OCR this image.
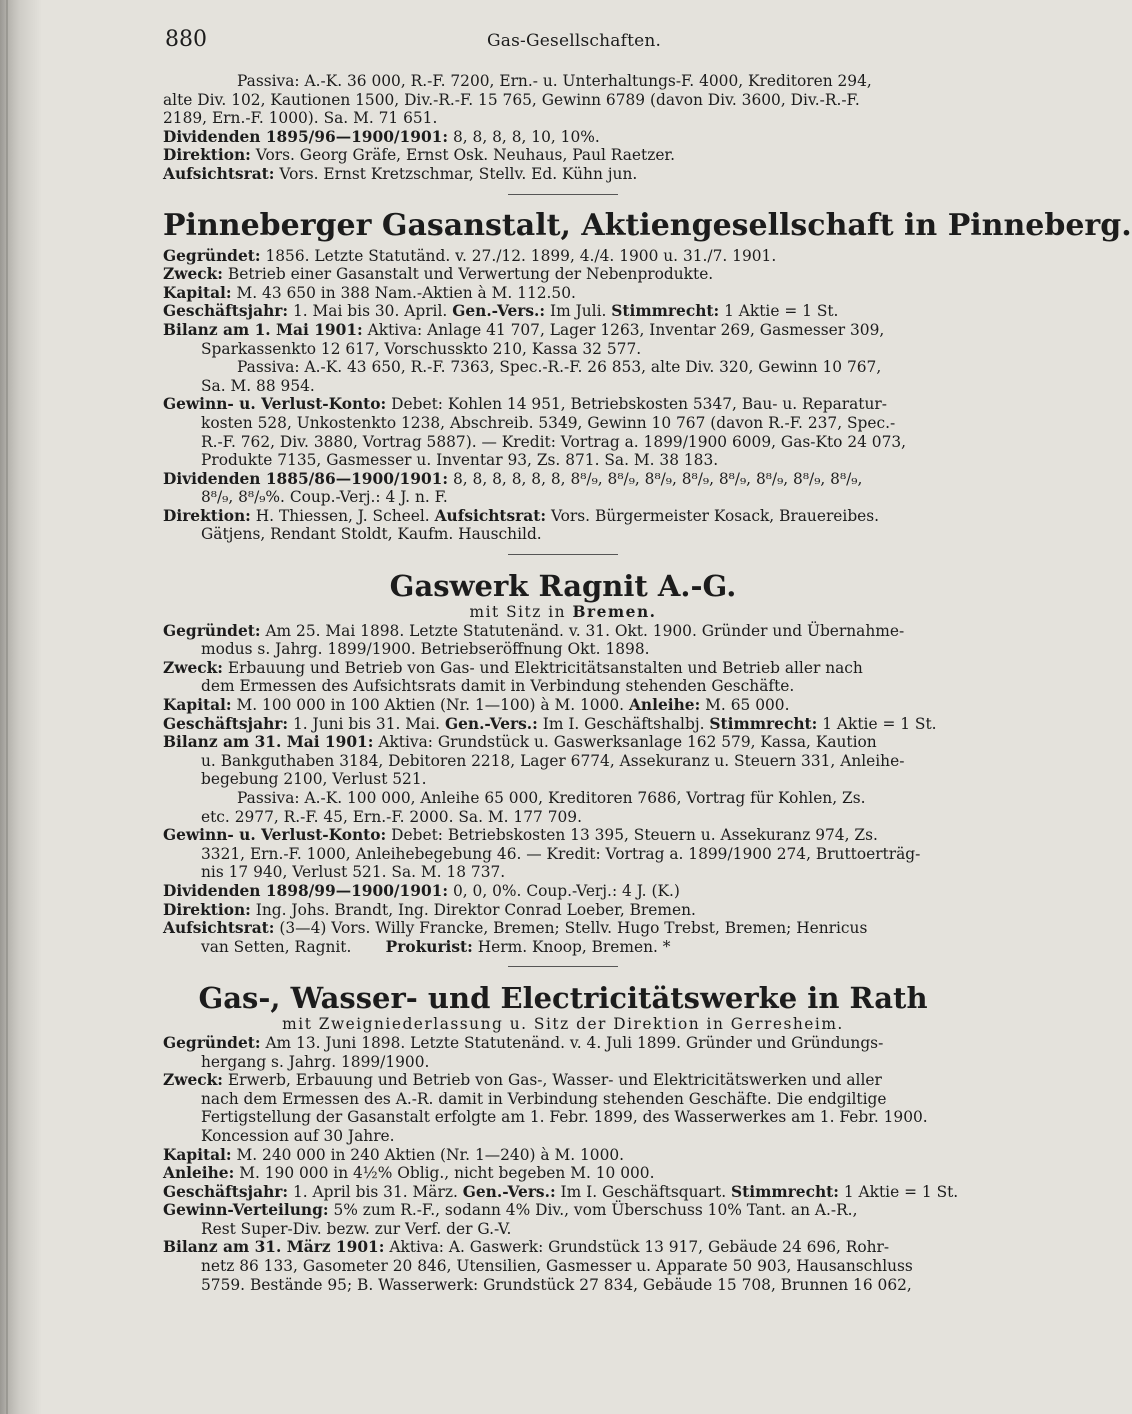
880	Gas-Gesellschaften.

Passiva: A.-K. 36 000, R.-F. 7200, Ern.- u. Unterhaltungs-F. 4000, Kreditoren 294,

alte Div. 102, Kautionen 1500, Div.-R.-F. 15 765, Gewinn 6789 (davon Div. 3600, Div.-R.-F.

2189, Ern.-F. 1000). Sa. M. 71 651.

Dividenden 1895/96—1900/1901: 8, 8, 8, 8, 10, 10%.

Direktion: Vors. Georg Gräfe, Ernst Osk. Neuhaus, Paul Raetzer.

Aufsichtsrat: Vors. Ernst Kretzschmar, Stellv. Ed. Kühn jun.

Pinneberger Gasanstalt, Aktiengesellschaft in Pinneberg.

Gegründet: 1856. Letzte Statutänd. v. 27./12. 1899, 4./4. 1900 u. 31./7. 1901.

Zweck: Betrieb einer Gasanstalt und Verwertung der Nebenprodukte.

Kapital: M. 43 650 in 388 Nam.-Aktien à M. 112.50.

Geschäftsjahr: 1. Mai bis 30. April. Gen.-Vers.: Im Juli. Stimmrecht: 1 Aktie = 1 St.

Bilanz am 1. Mai 1901: Aktiva: Anlage 41 707, Lager 1263, Inventar 269, Gasmesser 309,

Sparkassenkto 12 617, Vorschusskto 210, Kassa 32 577.

Passiva: A.-K. 43 650, R.-F. 7363, Spec.-R.-F. 26 853, alte Div. 320, Gewinn 10 767,

Sa. M. 88 954.

Gewinn- u. Verlust-Konto: Debet: Kohlen 14 951, Betriebskosten 5347, Bau- u. Reparatur-

kosten 528, Unkostenkto 1238, Abschreib. 5349, Gewinn 10 767 (davon R.-F. 237, Spec.-

R.-F. 762, Div. 3880, Vortrag 5887). — Kredit: Vortrag a. 1899/1900 6009, Gas-Kto 24 073,

Produkte 7135, Gasmesser u. Inventar 93, Zs. 871. Sa. M. 38 183.

Dividenden 1885/86—1900/1901: 8, 8, 8, 8, 8, 8, 8⁸/₉, 8⁸/₉, 8⁸/₉, 8⁸/₉, 8⁸/₉, 8⁸/₉, 8⁸/₉, 8⁸/₉,

8⁸/₉, 8⁸/₉%. Coup.-Verj.: 4 J. n. F.

Direktion: H. Thiessen, J. Scheel. Aufsichtsrat: Vors. Bürgermeister Kosack, Brauereibes.

Gätjens, Rendant Stoldt, Kaufm. Hauschild.

Gaswerk Ragnit A.-G.

mit Sitz in Bremen.

Gegründet: Am 25. Mai 1898. Letzte Statutenänd. v. 31. Okt. 1900. Gründer und Übernahme-

modus s. Jahrg. 1899/1900. Betriebseröffnung Okt. 1898.

Zweck: Erbauung und Betrieb von Gas- und Elektricitätsanstalten und Betrieb aller nach

dem Ermessen des Aufsichtsrats damit in Verbindung stehenden Geschäfte.

Kapital: M. 100 000 in 100 Aktien (Nr. 1—100) à M. 1000. Anleihe: M. 65 000.

Geschäftsjahr: 1. Juni bis 31. Mai. Gen.-Vers.: Im I. Geschäftshalbj. Stimmrecht: 1 Aktie = 1 St.

Bilanz am 31. Mai 1901: Aktiva: Grundstück u. Gaswerksanlage 162 579, Kassa, Kaution

u. Bankguthaben 3184, Debitoren 2218, Lager 6774, Assekuranz u. Steuern 331, Anleihe-

begebung 2100, Verlust 521.

Passiva: A.-K. 100 000, Anleihe 65 000, Kreditoren 7686, Vortrag für Kohlen, Zs.

etc. 2977, R.-F. 45, Ern.-F. 2000. Sa. M. 177 709.

Gewinn- u. Verlust-Konto: Debet: Betriebskosten 13 395, Steuern u. Assekuranz 974, Zs.

3321, Ern.-F. 1000, Anleihebegebung 46. — Kredit: Vortrag a. 1899/1900 274, Bruttoerträg-

nis 17 940, Verlust 521. Sa. M. 18 737.

Dividenden 1898/99—1900/1901: 0, 0, 0%. Coup.-Verj.: 4 J. (K.)

Direktion: Ing. Johs. Brandt, Ing. Direktor Conrad Loeber, Bremen.

Aufsichtsrat: (3—4) Vors. Willy Francke, Bremen; Stellv. Hugo Trebst, Bremen; Henricus

van Setten, Ragnit. Prokurist: Herm. Knoop, Bremen. *

Gas-, Wasser- und Electricitätswerke in Rath

mit Zweigniederlassung u. Sitz der Direktion in Gerresheim.

Gegründet: Am 13. Juni 1898. Letzte Statutenänd. v. 4. Juli 1899. Gründer und Gründungs-

hergang s. Jahrg. 1899/1900.

Zweck: Erwerb, Erbauung und Betrieb von Gas-, Wasser- und Elektricitätswerken und aller

nach dem Ermessen des A.-R. damit in Verbindung stehenden Geschäfte. Die endgiltige

Fertigstellung der Gasanstalt erfolgte am 1. Febr. 1899, des Wasserwerkes am 1. Febr. 1900.

Koncession auf 30 Jahre.

Kapital: M. 240 000 in 240 Aktien (Nr. 1—240) à M. 1000.

Anleihe: M. 190 000 in 4½% Oblig., nicht begeben M. 10 000.

Geschäftsjahr: 1. April bis 31. März. Gen.-Vers.: Im I. Geschäftsquart. Stimmrecht: 1 Aktie = 1 St.

Gewinn-Verteilung: 5% zum R.-F., sodann 4% Div., vom Überschuss 10% Tant. an A.-R.,

Rest Super-Div. bezw. zur Verf. der G.-V.

Bilanz am 31. März 1901: Aktiva: A. Gaswerk: Grundstück 13 917, Gebäude 24 696, Rohr-

netz 86 133, Gasometer 20 846, Utensilien, Gasmesser u. Apparate 50 903, Hausanschluss

5759. Bestände 95; B. Wasserwerk: Grundstück 27 834, Gebäude 15 708, Brunnen 16 062,
